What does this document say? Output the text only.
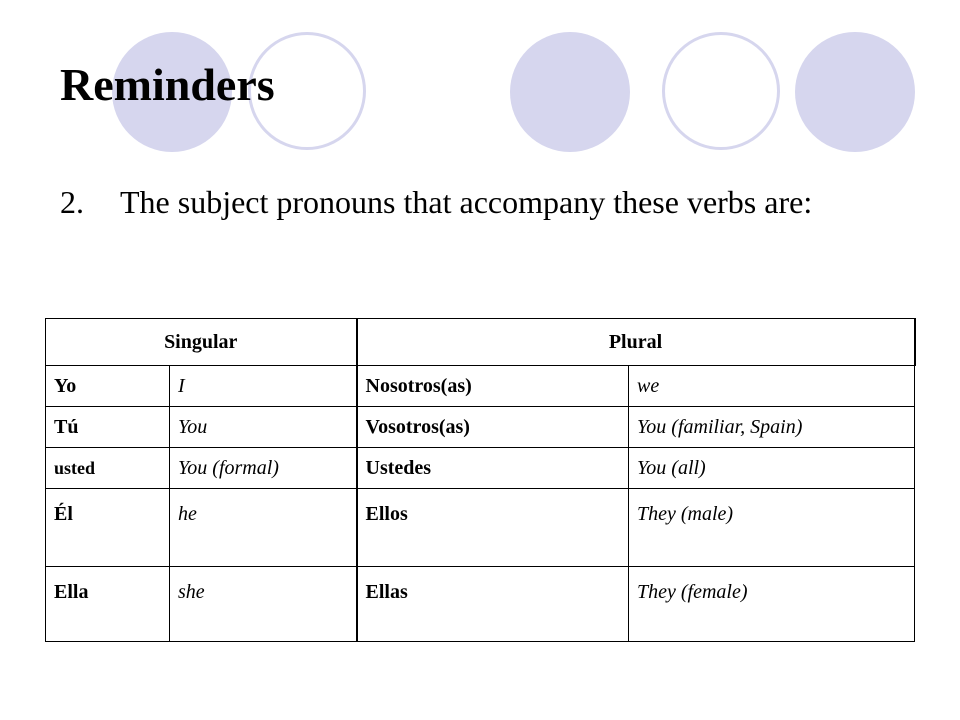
Reminders
2. The subject pronouns that accompany these verbs are:
Singular		Plural	
Yo	I	Nosotros(as)	we
Tú	You	Vosotros(as)	You (familiar, Spain)
usted	You (formal)	Ustedes	You (all)
Él	he	Ellos	They (male)
Ella	she	Ellas	They (female)
